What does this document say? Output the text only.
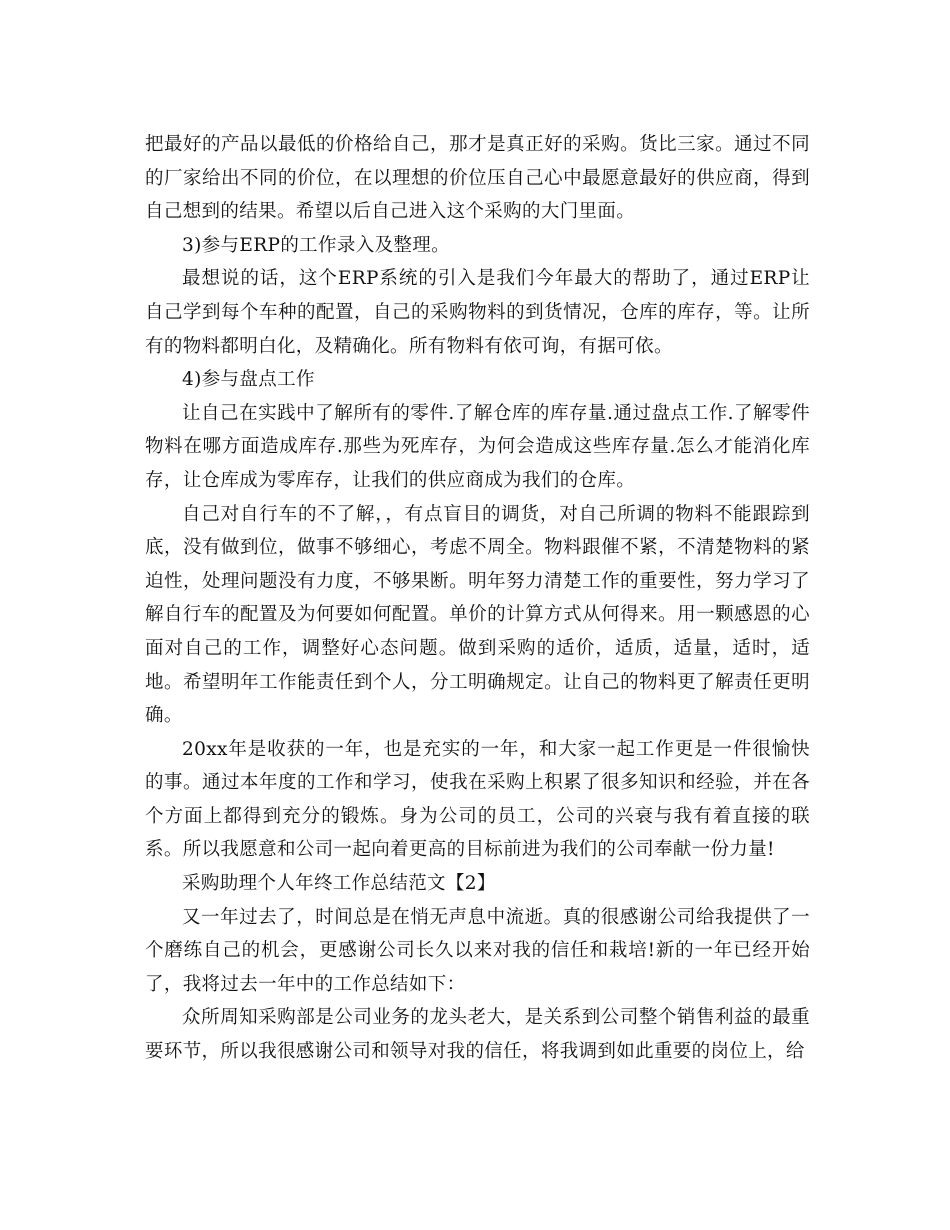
把最好的产品以最低的价格给自己，那才是真正好的采购。货比三家。通过不同的厂家给出不同的价位，在以理想的价位压自己心中最愿意最好的供应商，得到自己想到的结果。希望以后自己进入这个采购的大门里面。

3)参与ERP的工作录入及整理。

最想说的话，这个ERP系统的引入是我们今年最大的帮助了，通过ERP让自己学到每个车种的配置，自己的采购物料的到货情况，仓库的库存，等。让所有的物料都明白化，及精确化。所有物料有依可询，有据可依。

4)参与盘点工作

让自己在实践中了解所有的零件.了解仓库的库存量.通过盘点工作.了解零件物料在哪方面造成库存.那些为死库存，为何会造成这些库存量.怎么才能消化库存，让仓库成为零库存，让我们的供应商成为我们的仓库。

自己对自行车的不了解，，有点盲目的调货，对自己所调的物料不能跟踪到底，没有做到位，做事不够细心，考虑不周全。物料跟催不紧，不清楚物料的紧迫性，处理问题没有力度，不够果断。明年努力清楚工作的重要性，努力学习了解自行车的配置及为何要如何配置。单价的计算方式从何得来。用一颗感恩的心面对自己的工作，调整好心态问题。做到采购的适价，适质，适量，适时，适地。希望明年工作能责任到个人，分工明确规定。让自己的物料更了解责任更明确。

20xx年是收获的一年，也是充实的一年，和大家一起工作更是一件很愉快的事。通过本年度的工作和学习，使我在采购上积累了很多知识和经验，并在各个方面上都得到充分的锻炼。身为公司的员工，公司的兴衰与我有着直接的联系。所以我愿意和公司一起向着更高的目标前进为我们的公司奉献一份力量!

采购助理个人年终工作总结范文【2】

又一年过去了，时间总是在悄无声息中流逝。真的很感谢公司给我提供了一个磨练自己的机会，更感谢公司长久以来对我的信任和栽培!新的一年已经开始了，我将过去一年中的工作总结如下：

众所周知采购部是公司业务的龙头老大，是关系到公司整个销售利益的最重要环节，所以我很感谢公司和领导对我的信任，将我调到如此重要的岗位上，给
